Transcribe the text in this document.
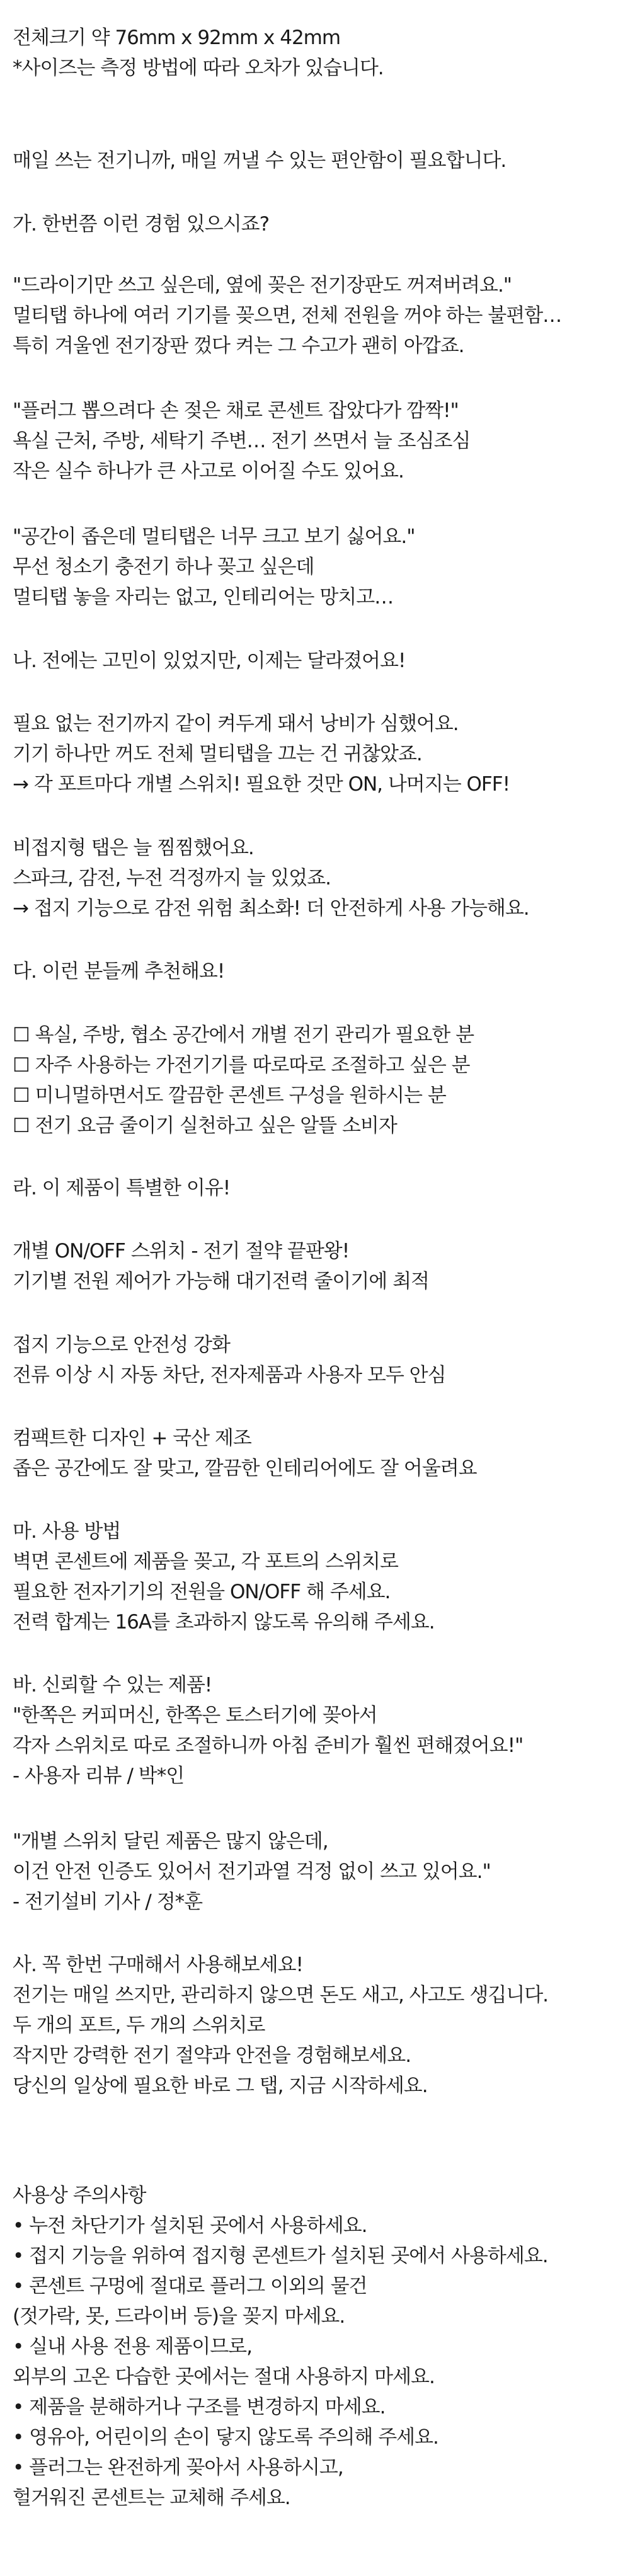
전체크기 약 76mm x 92mm x 42mm
*사이즈는 측정 방법에 따라 오차가 있습니다.
매일 쓰는 전기니까, 매일 꺼낼 수 있는 편안함이 필요합니다.
가. 한번쯤 이런 경험 있으시죠?
"드라이기만 쓰고 싶은데, 옆에 꽂은 전기장판도 꺼져버려요."
멀티탭 하나에 여러 기기를 꽂으면, 전체 전원을 꺼야 하는 불편함…
특히 겨울엔 전기장판 껐다 켜는 그 수고가 괜히 아깝죠.
"플러그 뽑으려다 손 젖은 채로 콘센트 잡았다가 깜짝!"
욕실 근처, 주방, 세탁기 주변… 전기 쓰면서 늘 조심조심
작은 실수 하나가 큰 사고로 이어질 수도 있어요.
"공간이 좁은데 멀티탭은 너무 크고 보기 싫어요."
무선 청소기 충전기 하나 꽂고 싶은데
멀티탭 놓을 자리는 없고, 인테리어는 망치고…
나. 전에는 고민이 있었지만, 이제는 달라졌어요!
필요 없는 전기까지 같이 켜두게 돼서 낭비가 심했어요.
기기 하나만 꺼도 전체 멀티탭을 끄는 건 귀찮았죠.
→ 각 포트마다 개별 스위치! 필요한 것만 ON, 나머지는 OFF!
비접지형 탭은 늘 찜찜했어요.
스파크, 감전, 누전 걱정까지 늘 있었죠.
→ 접지 기능으로 감전 위험 최소화! 더 안전하게 사용 가능해요.
다. 이런 분들께 추천해요!
☐ 욕실, 주방, 협소 공간에서 개별 전기 관리가 필요한 분
☐ 자주 사용하는 가전기기를 따로따로 조절하고 싶은 분
☐ 미니멀하면서도 깔끔한 콘센트 구성을 원하시는 분
☐ 전기 요금 줄이기 실천하고 싶은 알뜰 소비자
라. 이 제품이 특별한 이유!
개별 ON/OFF 스위치 - 전기 절약 끝판왕!
기기별 전원 제어가 가능해 대기전력 줄이기에 최적
접지 기능으로 안전성 강화
전류 이상 시 자동 차단, 전자제품과 사용자 모두 안심
컴팩트한 디자인 + 국산 제조
좁은 공간에도 잘 맞고, 깔끔한 인테리어에도 잘 어울려요
마. 사용 방법
벽면 콘센트에 제품을 꽂고, 각 포트의 스위치로
필요한 전자기기의 전원을 ON/OFF 해 주세요.
전력 합계는 16A를 초과하지 않도록 유의해 주세요.
바. 신뢰할 수 있는 제품!
"한쪽은 커피머신, 한쪽은 토스터기에 꽂아서
각자 스위치로 따로 조절하니까 아침 준비가 훨씬 편해졌어요!"
- 사용자 리뷰 / 박*인
"개별 스위치 달린 제품은 많지 않은데,
이건 안전 인증도 있어서 전기과열 걱정 없이 쓰고 있어요."
- 전기설비 기사 / 정*훈
사. 꼭 한번 구매해서 사용해보세요!
전기는 매일 쓰지만, 관리하지 않으면 돈도 새고, 사고도 생깁니다.
두 개의 포트, 두 개의 스위치로
작지만 강력한 전기 절약과 안전을 경험해보세요.
당신의 일상에 필요한 바로 그 탭, 지금 시작하세요.
사용상 주의사항
• 누전 차단기가 설치된 곳에서 사용하세요.
• 접지 기능을 위하여 접지형 콘센트가 설치된 곳에서 사용하세요.
• 콘센트 구멍에 절대로 플러그 이외의 물건
(젓가락, 못, 드라이버 등)을 꽂지 마세요.
• 실내 사용 전용 제품이므로,
외부의 고온 다습한 곳에서는 절대 사용하지 마세요.
• 제품을 분해하거나 구조를 변경하지 마세요.
• 영유아, 어린이의 손이 닿지 않도록 주의해 주세요.
• 플러그는 완전하게 꽂아서 사용하시고,
헐거워진 콘센트는 교체해 주세요.
